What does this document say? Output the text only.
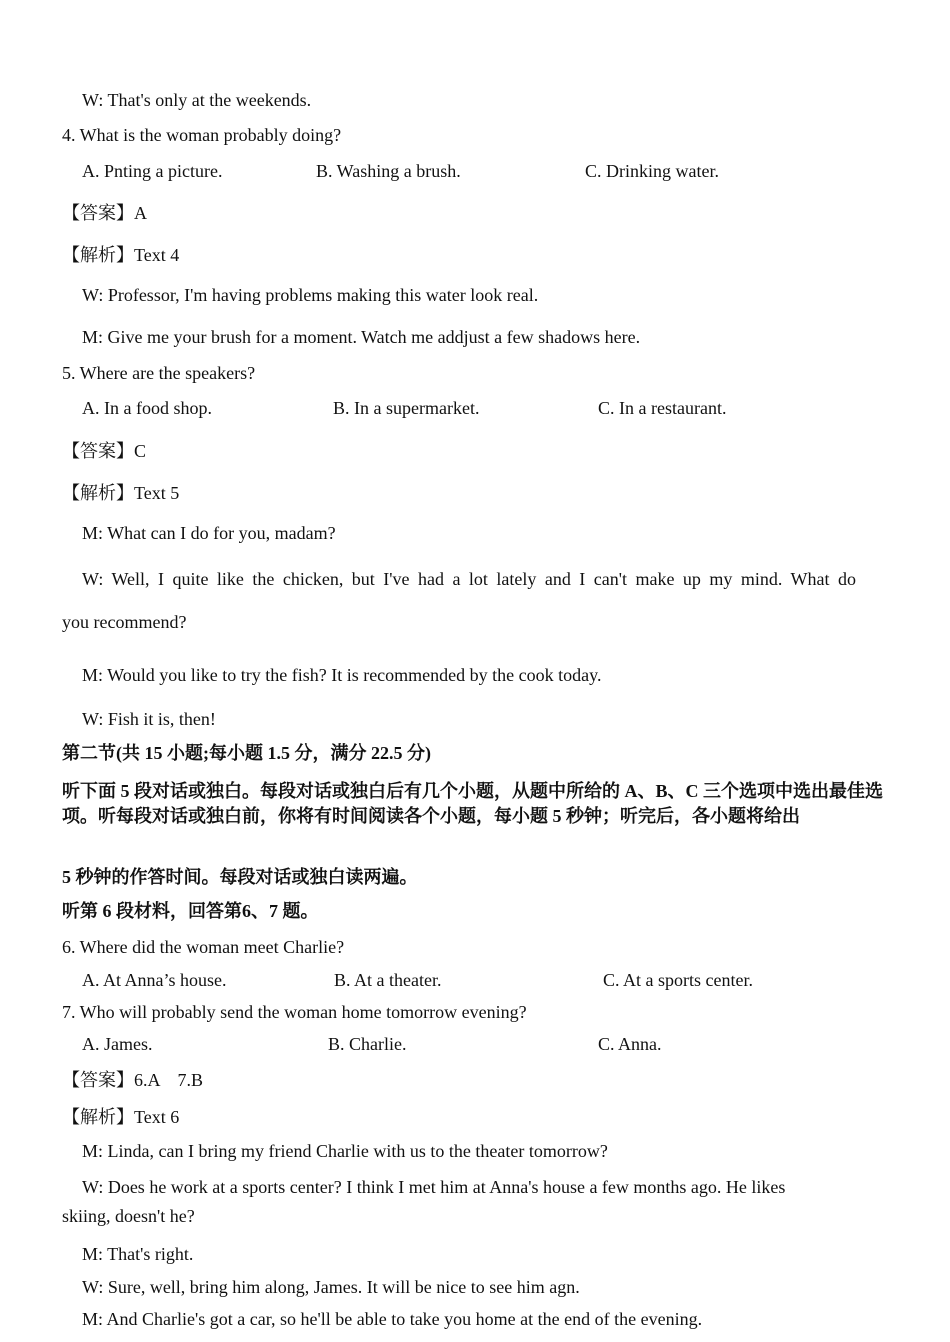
W: That's only at the weekends.
4. What is the woman probably doing?
A. Pnting a picture.	B. Washing a brush.	C. Drinking water.
【答案】A
【解析】Text 4
W: Professor, I'm having problems making this water look real.
M: Give me your brush for a moment. Watch me addjust a few shadows here.
5. Where are the speakers?
A. In a food shop.	B. In a supermarket.	C. In a restaurant.
【答案】C
【解析】Text 5
M: What can I do for you, madam?
W: Well, I quite like the chicken, but I've had a lot lately and I can't make up my mind. What do
you recommend?
M: Would you like to try the fish? It is recommended by the cook today.
W: Fish it is, then!
第二节(共 15 小题;每小题 1.5 分，满分 22.5 分)
听下面 5 段对话或独白。每段对话或独白后有几个小题，从题中所给的 A、B、C 三个选项中选出最佳选项。听每段对话或独白前，你将有时间阅读各个小题，每小题 5 秒钟；听完后，各小题将给出
5 秒钟的作答时间。每段对话或独白读两遍。
听第 6 段材料，回答第6、7 题。
6. Where did the woman meet Charlie?
A. At Anna’s house.	B. At a theater.	C. At a sports center.
7. Who will probably send the woman home tomorrow evening?
A. James.	B. Charlie.	C. Anna.
【答案】6.A    7.B
【解析】Text 6
M: Linda, can I bring my friend Charlie with us to the theater tomorrow?
W: Does he work at a sports center? I think I met him at Anna's house a few months ago. He likes
skiing, doesn't he?
M: That's right.
W: Sure, well, bring him along, James. It will be nice to see him agn.
M: And Charlie's got a car, so he'll be able to take you home at the end of the evening.
